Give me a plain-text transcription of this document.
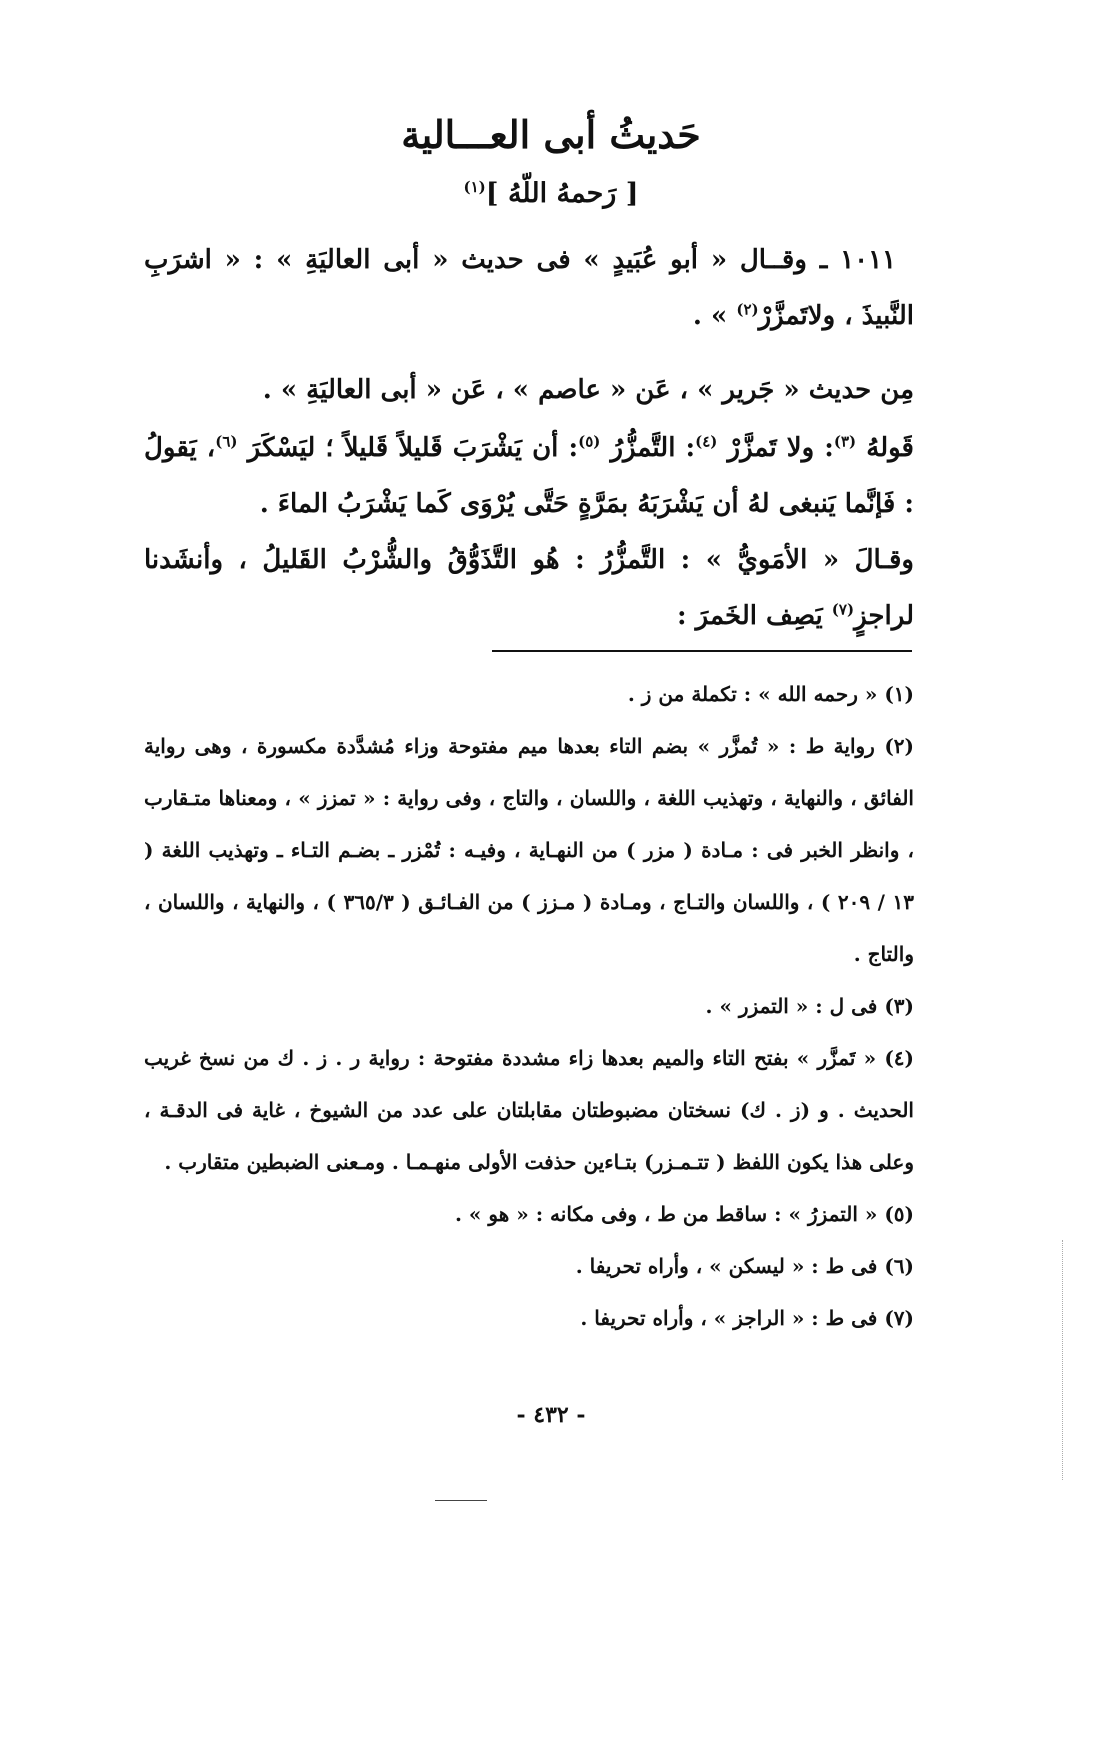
حَديثُ أبى العـــالية
[ رَحمهُ اللّهُ ]$^{(١)}$
١٠١١ ـ وقــال « أبو عُبَيدٍ » فى حديث « أبى العاليَةِ » : « اشرَبِ النَّبيذَ ، ولاتَمزَّرْ$^{(٢)}$ » .
مِن حديث « جَرير » ، عَن « عاصم » ، عَن « أبى العاليَةِ » .
قَولهُ $^{(٣)}$: ولا تَمزَّرْ $^{(٤)}$: التَّمزُّرُ $^{(٥)}$: أن يَشْرَبَ قَليلاً قَليلاً ؛ ليَسْكَرَ $^{(٦)}$، يَقولُ : فَإنَّما يَنبغى لهُ أن يَشْرَبَهُ بمَرَّةٍ حَتَّى يُرْوَى كَما يَشْرَبُ الماءَ .
وقـالَ « الأمَويُّ » : التَّمزُّرُ : هُو التَّذَوُّقُ والشُّرْبُ القَليلُ ، وأنشَدنا لراجزٍ$^{(٧)}$ يَصِف الخَمرَ :
(١) « رحمه الله » : تكملة من ز .
(٢) رواية ط : « تُمزَّر » بضم التاء بعدها ميم مفتوحة وزاء مُشدَّدة مكسورة ، وهى رواية الفائق ، والنهاية ، وتهذيب اللغة ، واللسان ، والتاج ، وفى رواية : « تمزز » ، ومعناها متـقارب ، وانظر الخبر فى : مـادة ( مزر ) من النهـاية ، وفيـه : تُمْزر ـ بضـم التـاء ـ وتهذيب اللغة ( ١٣ / ٢٠٩ ) ، واللسان والتـاج ، ومـادة ( مـزز ) من الفـائـق ( ٣٦٥/٣ ) ، والنهاية ، واللسان ، والتاج .
(٣) فى ل : « التمزر » .
(٤) « تَمزَّر » بفتح التاء والميم بعدها زاء مشددة مفتوحة : رواية ر . ز . ك من نسخ غريب الحديث . و (ز . ك) نسختان مضبوطتان مقابلتان على عدد من الشيوخ ، غاية فى الدقـة ، وعلى هذا يكون اللفظ ( تتـمـزر) بتـاءين حذفت الأولى منهـمـا . ومـعنى الضبطين متقارب .
(٥) « التمزرُ » : ساقط من ط ، وفى مكانه : « هو » .
(٦) فى ط : « ليسكن » ، وأراه تحريفا .
(٧) فى ط : « الراجز » ، وأراه تحريفا .
- ٤٣٢ -
